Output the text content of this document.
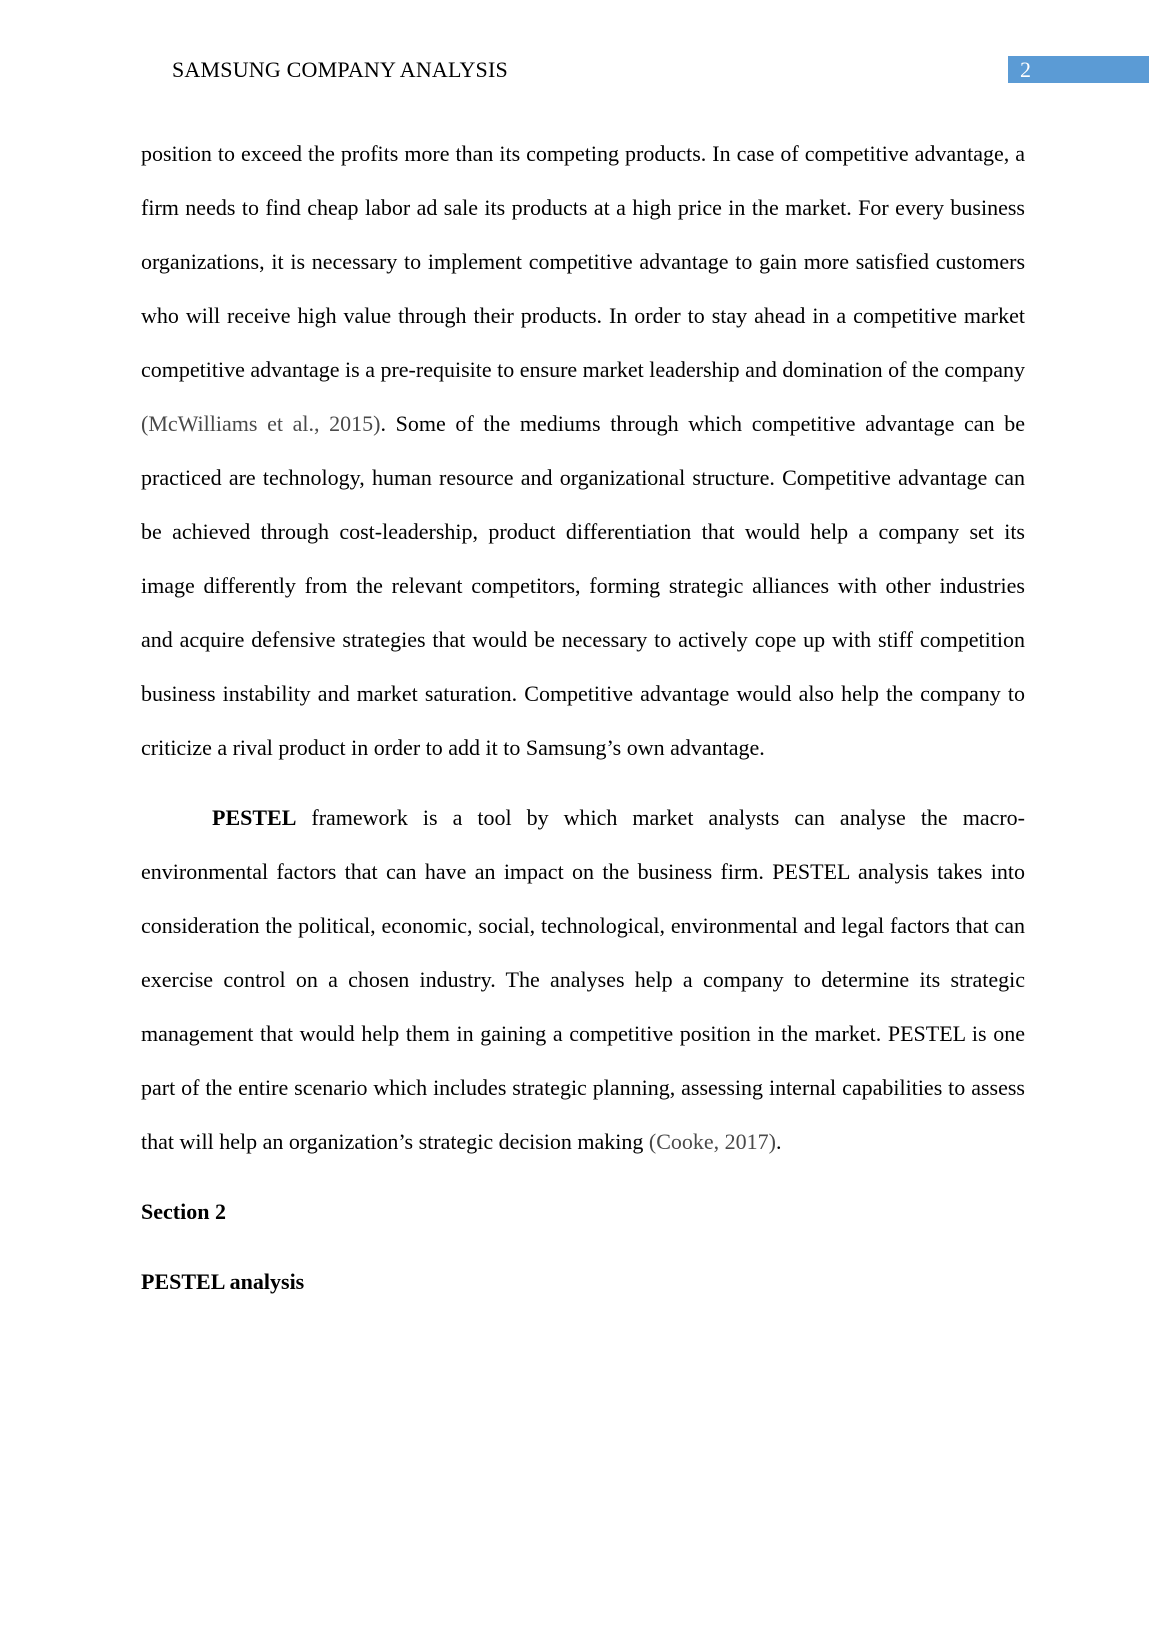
SAMSUNG COMPANY ANALYSIS	2

position to exceed the profits more than its competing products. In case of competitive advantage, a firm needs to find cheap labor ad sale its products at a high price in the market. For every business organizations, it is necessary to implement competitive advantage to gain more satisfied customers who will receive high value through their products. In order to stay ahead in a competitive market competitive advantage is a pre-requisite to ensure market leadership and domination of the company (McWilliams et al., 2015). Some of the mediums through which competitive advantage can be practiced are technology, human resource and organizational structure. Competitive advantage can be achieved through cost-leadership, product differentiation that would help a company set its image differently from the relevant competitors, forming strategic alliances with other industries and acquire defensive strategies that would be necessary to actively cope up with stiff competition business instability and market saturation. Competitive advantage would also help the company to criticize a rival product in order to add it to Samsung’s own advantage.

PESTEL framework is a tool by which market analysts can analyse the macro-environmental factors that can have an impact on the business firm. PESTEL analysis takes into consideration the political, economic, social, technological, environmental and legal factors that can exercise control on a chosen industry. The analyses help a company to determine its strategic management that would help them in gaining a competitive position in the market. PESTEL is one part of the entire scenario which includes strategic planning, assessing internal capabilities to assess that will help an organization’s strategic decision making (Cooke, 2017).

Section 2

PESTEL analysis
